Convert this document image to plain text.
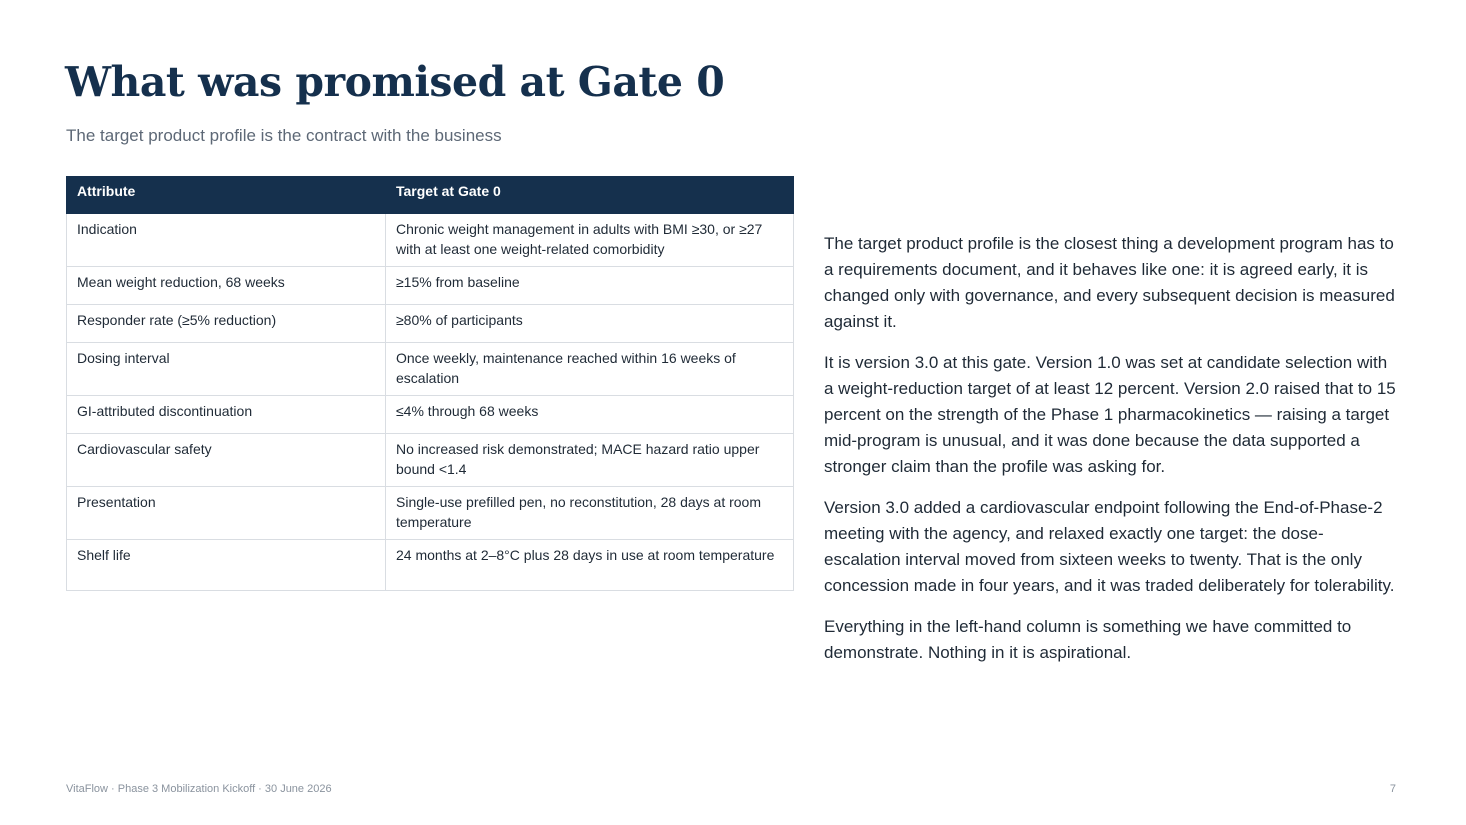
What was promised at Gate 0

The target product profile is the contract with the business

Attribute	Target at Gate 0
Indication	Chronic weight management in adults with BMI ≥30, or ≥27 with at least one weight-related comorbidity
Mean weight reduction, 68 weeks	≥15% from baseline
Responder rate (≥5% reduction)	≥80% of participants
Dosing interval	Once weekly, maintenance reached within 16 weeks of escalation
GI-attributed discontinuation	≤4% through 68 weeks
Cardiovascular safety	No increased risk demonstrated; MACE hazard ratio upper bound <1.4
Presentation	Single-use prefilled pen, no reconstitution, 28 days at room temperature
Shelf life	24 months at 2–8°C plus 28 days in use at room temperature

The target product profile is the closest thing a development program has to a requirements document, and it behaves like one: it is agreed early, it is changed only with governance, and every subsequent decision is measured against it.

It is version 3.0 at this gate. Version 1.0 was set at candidate selection with a weight-reduction target of at least 12 percent. Version 2.0 raised that to 15 percent on the strength of the Phase 1 pharmacokinetics — raising a target mid-program is unusual, and it was done because the data supported a stronger claim than the profile was asking for.

Version 3.0 added a cardiovascular endpoint following the End-of-Phase-2 meeting with the agency, and relaxed exactly one target: the dose-escalation interval moved from sixteen weeks to twenty. That is the only concession made in four years, and it was traded deliberately for tolerability.

Everything in the left-hand column is something we have committed to demonstrate. Nothing in it is aspirational.

VitaFlow · Phase 3 Mobilization Kickoff · 30 June 2026	7
